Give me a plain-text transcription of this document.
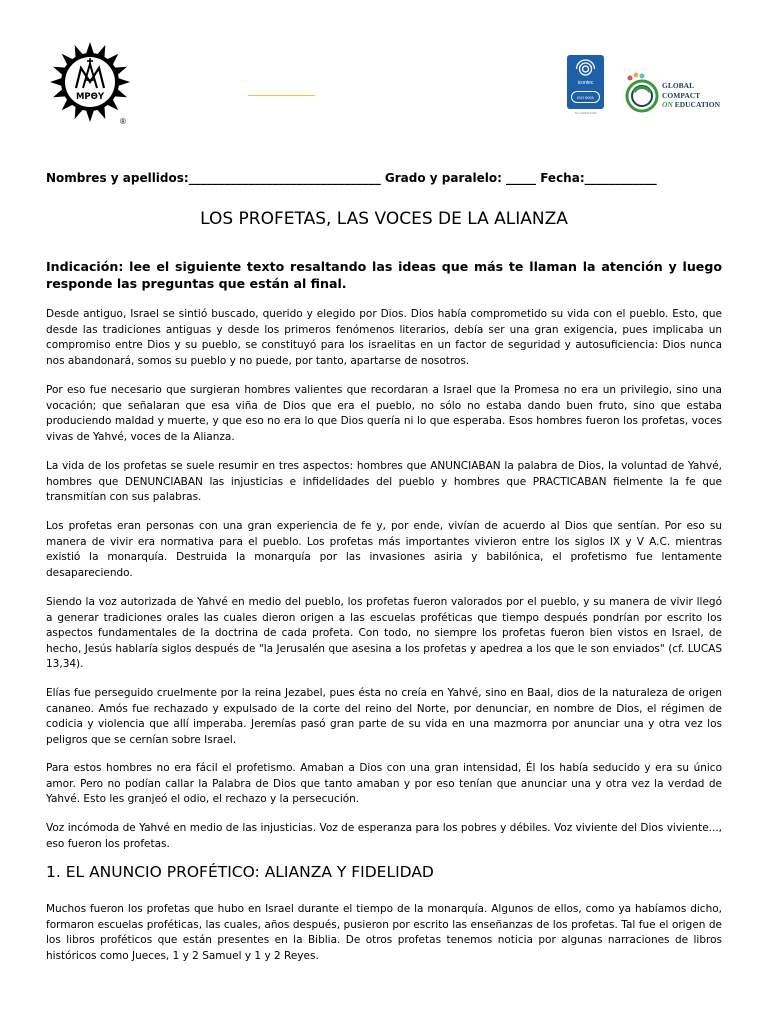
ΜΡΘΥ
®
icontec
ISO 9001
SC-CER312345
GLOBAL
COMPACT
ON EDUCATION
Nombres y apellidos:________________________________ Grado y paralelo: _____ Fecha:____________
LOS PROFETAS, LAS VOCES DE LA ALIANZA
Indicación: lee el siguiente texto resaltando las ideas que más te llaman la atención y luego responde las preguntas que están al final.
Desde antiguo, Israel se sintió buscado, querido y elegido por Dios. Dios había comprometido su vida con el pueblo. Esto, que desde las tradiciones antiguas y desde los primeros fenómenos literarios, debía ser una gran exigencia, pues implicaba un compromiso entre Dios y su pueblo, se constituyó para los israelitas en un factor de seguridad y autosuficiencia: Dios nunca nos abandonará, somos su pueblo y no puede, por tanto, apartarse de nosotros.
Por eso fue necesario que surgieran hombres valientes que recordaran a Israel que la Promesa no era un privilegio, sino una vocación; que señalaran que esa viña de Dios que era el pueblo, no sólo no estaba dando buen fruto, sino que estaba produciendo maldad y muerte, y que eso no era lo que Dios quería ni lo que esperaba. Esos hombres fueron los profetas, voces vivas de Yahvé, voces de la Alianza.
La vida de los profetas se suele resumir en tres aspectos: hombres que ANUNCIABAN la palabra de Dios, la voluntad de Yahvé, hombres que DENUNCIABAN las injusticias e infidelidades del pueblo y hombres que PRACTICABAN fielmente la fe que transmitían con sus palabras.
Los profetas eran personas con una gran experiencia de fe y, por ende, vivían de acuerdo al Dios que sentían. Por eso su manera de vivir era normativa para el pueblo. Los profetas más importantes vivieron entre los siglos IX y V A.C. mientras existió la monarquía. Destruida la monarquía por las invasiones asiria y babilónica, el profetismo fue lentamente desapareciendo.
Siendo la voz autorizada de Yahvé en medio del pueblo, los profetas fueron valorados por el pueblo, y su manera de vivir llegó a generar tradiciones orales las cuales dieron origen a las escuelas proféticas que tiempo después pondrían por escrito los aspectos fundamentales de la doctrina de cada profeta. Con todo, no siempre los profetas fueron bien vistos en Israel, de hecho, Jesús hablaría siglos después de "la Jerusalén que asesina a los profetas y apedrea a los que le son enviados" (cf. LUCAS 13,34).
Elías fue perseguido cruelmente por la reina Jezabel, pues ésta no creía en Yahvé, sino en Baal, dios de la naturaleza de origen cananeo. Amós fue rechazado y expulsado de la corte del reino del Norte, por denunciar, en nombre de Dios, el régimen de codicia y violencia que allí imperaba. Jeremías pasó gran parte de su vida en una mazmorra por anunciar una y otra vez los peligros que se cernían sobre Israel.
Para estos hombres no era fácil el profetismo. Amaban a Dios con una gran intensidad, Él los había seducido y era su único amor. Pero no podían callar la Palabra de Dios que tanto amaban y por eso tenían que anunciar una y otra vez la verdad de Yahvé. Esto les granjeó el odio, el rechazo y la persecución.
Voz incómoda de Yahvé en medio de las injusticias. Voz de esperanza para los pobres y débiles. Voz viviente del Dios viviente..., eso fueron los profetas.
1. EL ANUNCIO PROFÉTICO: ALIANZA Y FIDELIDAD
Muchos fueron los profetas que hubo en Israel durante el tiempo de la monarquía. Algunos de ellos, como ya habíamos dicho, formaron escuelas proféticas, las cuales, años después, pusieron por escrito las enseñanzas de los profetas. Tal fue el origen de los libros proféticos que están presentes en la Biblia. De otros profetas tenemos noticia por algunas narraciones de libros históricos como Jueces, 1 y 2 Samuel y 1 y 2 Reyes.
